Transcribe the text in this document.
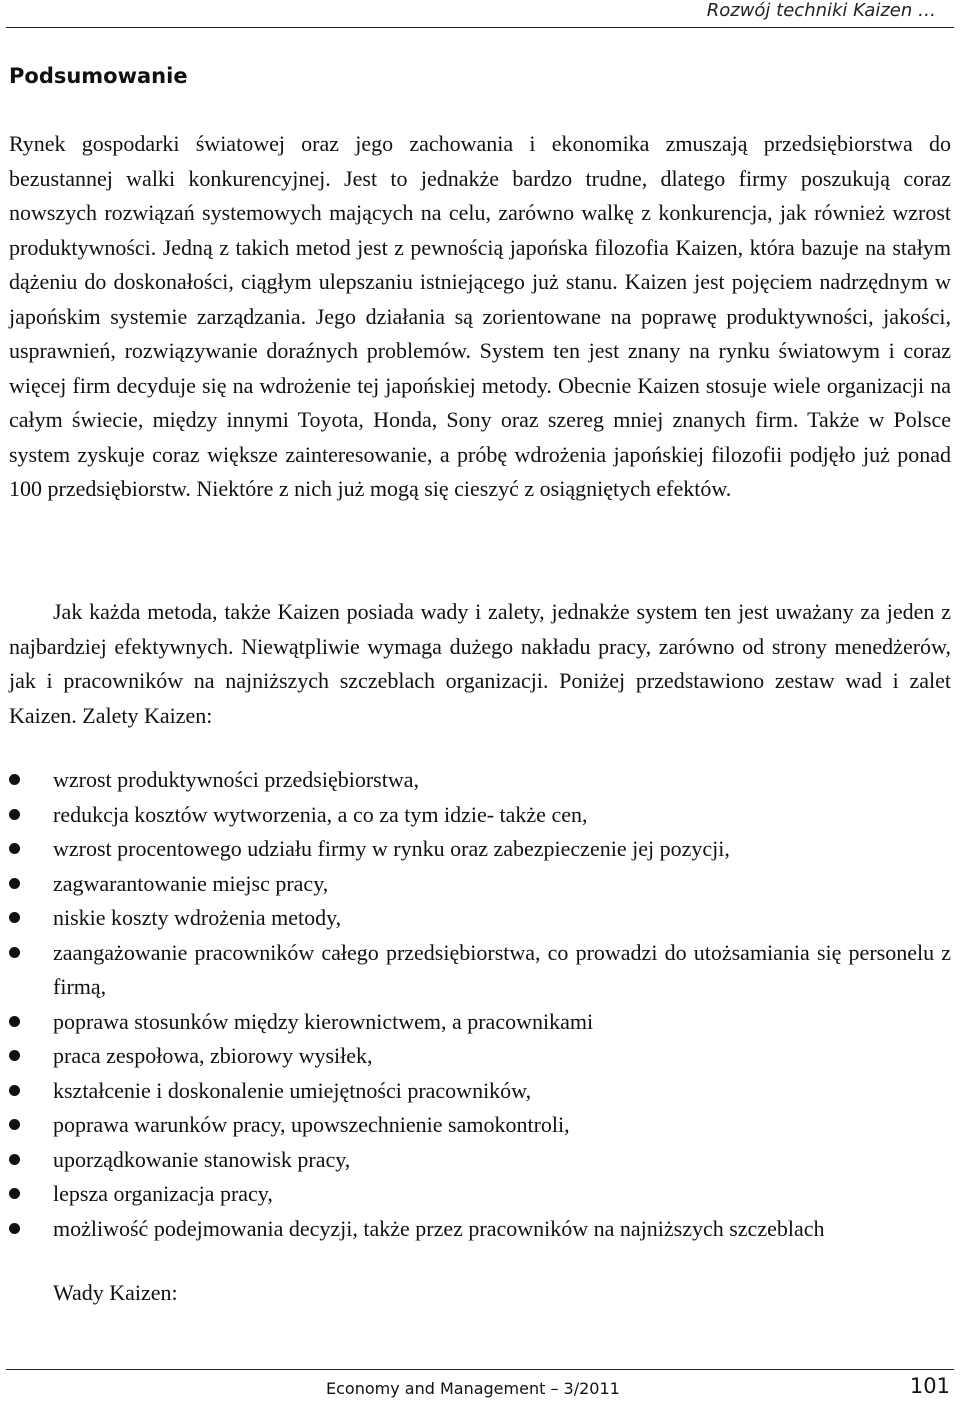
Rozwój techniki Kaizen …
Podsumowanie

Rynek gospodarki światowej oraz jego zachowania i ekonomika zmuszają przedsiębiorstwa do bezustannej walki konkurencyjnej. Jest to jednakże bardzo trudne, dlatego firmy poszukują coraz nowszych rozwiązań systemowych mających na celu, zarówno walkę z konkurencja, jak również wzrost produktywności. Jedną z takich metod jest z pewnością japońska filozofia Kaizen, która bazuje na stałym dążeniu do doskonałości, ciągłym ulepszaniu istniejącego już stanu. Kaizen jest pojęciem nadrzędnym w japońskim systemie zarządzania. Jego działania są zorientowane na poprawę produktywności, jakości, usprawnień, rozwiązywanie doraźnych problemów. System ten jest znany na rynku światowym i coraz więcej firm decyduje się na wdrożenie tej japońskiej metody. Obecnie Kaizen stosuje wiele organizacji na całym świecie, między innymi Toyota, Honda, Sony oraz szereg mniej znanych firm. Także w Polsce system zyskuje coraz większe zainteresowanie, a próbę wdrożenia japońskiej filozofii podjęło już ponad 100 przedsiębiorstw. Niektóre z nich już mogą się cieszyć z osiągniętych efektów.

Jak każda metoda, także Kaizen posiada wady i zalety, jednakże system ten jest uważany za jeden z najbardziej efektywnych. Niewątpliwie wymaga dużego nakładu pracy, zarówno od strony menedżerów, jak i pracowników na najniższych szczeblach organizacji. Poniżej przedstawiono zestaw wad i zalet Kaizen. Zalety Kaizen:

wzrost produktywności przedsiębiorstwa,
redukcja kosztów wytworzenia, a co za tym idzie- także cen,
wzrost procentowego udziału firmy w rynku oraz zabezpieczenie jej pozycji,
zagwarantowanie miejsc pracy,
niskie koszty wdrożenia metody,
zaangażowanie pracowników całego przedsiębiorstwa, co prowadzi do utożsamiania się personelu z firmą,
poprawa stosunków między kierownictwem, a pracownikami
praca zespołowa, zbiorowy wysiłek,
kształcenie i doskonalenie umiejętności pracowników,
poprawa warunków pracy, upowszechnienie samokontroli,
uporządkowanie stanowisk pracy,
lepsza organizacja pracy,
możliwość podejmowania decyzji, także przez pracowników na najniższych szczeblach
Wady Kaizen:
Economy and Management – 3/2011	101
